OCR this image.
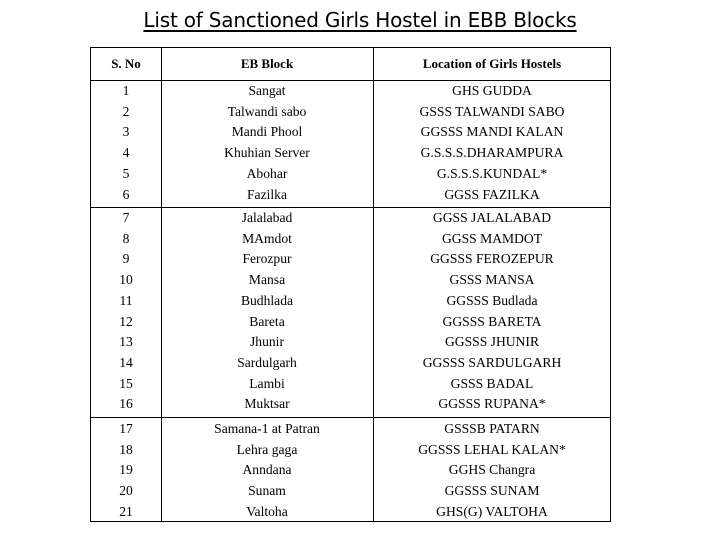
List of Sanctioned Girls Hostel in EBB Blocks
S. No	EB Block	Location of Girls Hostels
1	Sangat	GHS GUDDA
2	Talwandi sabo	GSSS TALWANDI SABO
3	Mandi Phool	GGSSS MANDI KALAN
4	Khuhian Server	G.S.S.S.DHARAMPURA
5	Abohar	G.S.S.S.KUNDAL*
6	Fazilka	GGSS FAZILKA
7	Jalalabad	GGSS JALALABAD
8	MAmdot	GGSS MAMDOT
9	Ferozpur	GGSSS FEROZEPUR
10	Mansa	GSSS MANSA
11	Budhlada	GGSSS Budlada
12	Bareta	GGSSS BARETA
13	Jhunir	GGSSS JHUNIR
14	Sardulgarh	GGSSS SARDULGARH
15	Lambi	GSSS BADAL
16	Muktsar	GGSSS RUPANA*
17	Samana-1 at Patran	GSSSB PATARN
18	Lehra gaga	GGSSS LEHAL KALAN*
19	Anndana	GGHS Changra
20	Sunam	GGSSS SUNAM
21	Valtoha	GHS(G) VALTOHA
